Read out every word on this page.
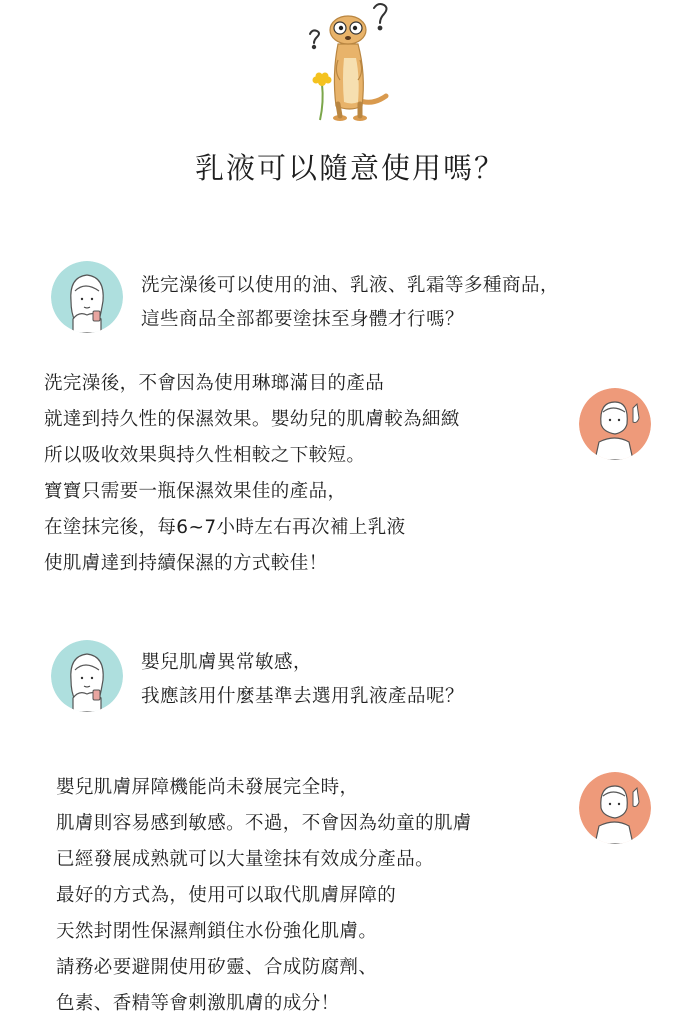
乳液可以隨意使用嗎？
洗完澡後可以使用的油、乳液、乳霜等多種商品，
這些商品全部都要塗抹至身體才行嗎？
洗完澡後，不會因為使用琳瑯滿目的產品
就達到持久性的保濕效果。嬰幼兒的肌膚較為細緻
所以吸收效果與持久性相較之下較短。
寶寶只需要一瓶保濕效果佳的產品，
在塗抹完後，每6~7小時左右再次補上乳液
使肌膚達到持續保濕的方式較佳！
嬰兒肌膚異常敏感，
我應該用什麼基準去選用乳液產品呢？
嬰兒肌膚屏障機能尚未發展完全時，
肌膚則容易感到敏感。不過，不會因為幼童的肌膚
已經發展成熟就可以大量塗抹有效成分產品。
最好的方式為，使用可以取代肌膚屏障的
天然封閉性保濕劑鎖住水份強化肌膚。
請務必要避開使用矽靈、合成防腐劑、
色素、香精等會刺激肌膚的成分！
